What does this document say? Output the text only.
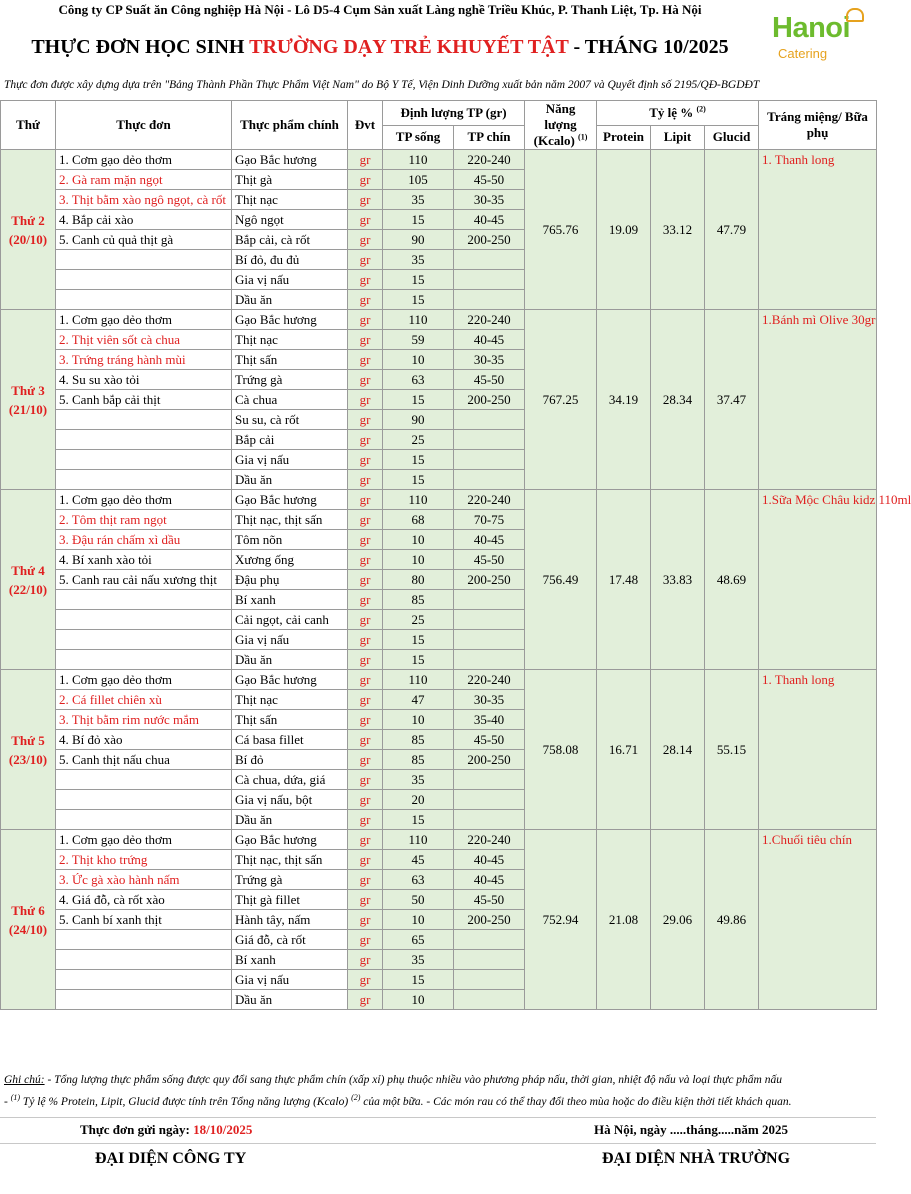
Công ty CP Suất ăn Công nghiệp Hà Nội - Lô D5-4 Cụm Sản xuất Làng nghề Triều Khúc, P. Thanh Liệt, Tp. Hà Nội
THỰC ĐƠN HỌC SINH TRƯỜNG DẠY TRẺ KHUYẾT TẬT - THÁNG 10/2025
Hanoi
Catering
Thực đơn được xây dựng dựa trên "Bảng Thành Phần Thực Phẩm Việt Nam" do Bộ Y Tế, Viện Dinh Dưỡng xuất bản năm 2007 và Quyết định số 2195/QĐ-BGDĐT
Thứ	Thực đơn	Thực phẩm chính	Đvt	Định lượng TP (gr)		Năng lượng (Kcalo) $^{(1)}$	Tỷ lệ % $^{(2)}$			Tráng miệng/ Bữa phụ
				TP sống	TP chín		Protein	Lipit	Glucid	
Thứ 2
(20/10)	1. Cơm gạo dẻo thơm	Gạo Bắc hương	gr	110	220-240	765.76	19.09	33.12	47.79	1. Thanh long
	2. Gà ram mặn ngọt	Thịt gà	gr	105	45-50					
	3. Thịt bằm xào ngô ngọt, cà rốt	Thịt nạc	gr	35	30-35					
	4. Bắp cải xào	Ngô ngọt	gr	15	40-45					
	5. Canh củ quả thịt gà	Bắp cải, cà rốt	gr	90	200-250					
		Bí đỏ, đu đủ	gr	35						
		Gia vị nấu	gr	15						
		Dầu ăn	gr	15						
Thứ 3
(21/10)	1. Cơm gạo dẻo thơm	Gạo Bắc hương	gr	110	220-240	767.25	34.19	28.34	37.47	1.Bánh mì Olive 30gr
	2. Thịt viên sốt cà chua	Thịt nạc	gr	59	40-45					
	3. Trứng tráng hành mùi	Thịt sấn	gr	10	30-35					
	4. Su su xào tỏi	Trứng gà	gr	63	45-50					
	5. Canh bắp cải thịt	Cà chua	gr	15	200-250					
		Su su, cà rốt	gr	90						
		Bắp cải	gr	25						
		Gia vị nấu	gr	15						
		Dầu ăn	gr	15						
Thứ 4
(22/10)	1. Cơm gạo dẻo thơm	Gạo Bắc hương	gr	110	220-240	756.49	17.48	33.83	48.69	1.Sữa Mộc Châu kidz 110ml
	2. Tôm thịt ram ngọt	Thịt nạc, thịt sấn	gr	68	70-75					
	3. Đậu rán chấm xì dầu	Tôm nõn	gr	10	40-45					
	4. Bí xanh xào tỏi	Xương ống	gr	10	45-50					
	5. Canh rau cải nấu xương thịt	Đậu phụ	gr	80	200-250					
		Bí xanh	gr	85						
		Cải ngọt, cải canh	gr	25						
		Gia vị nấu	gr	15						
		Dầu ăn	gr	15						
Thứ 5
(23/10)	1. Cơm gạo dẻo thơm	Gạo Bắc hương	gr	110	220-240	758.08	16.71	28.14	55.15	1. Thanh long
	2. Cá fillet chiên xù	Thịt nạc	gr	47	30-35					
	3. Thịt bằm rim nước mắm	Thịt sấn	gr	10	35-40					
	4. Bí đỏ xào	Cá basa fillet	gr	85	45-50					
	5. Canh thịt nấu chua	Bí đỏ	gr	85	200-250					
		Cà chua, dứa, giá	gr	35						
		Gia vị nấu, bột	gr	20						
		Dầu ăn	gr	15						
Thứ 6
(24/10)	1. Cơm gạo dẻo thơm	Gạo Bắc hương	gr	110	220-240	752.94	21.08	29.06	49.86	1.Chuối tiêu chín
	2. Thịt kho trứng	Thịt nạc, thịt sấn	gr	45	40-45					
	3. Ức gà xào hành nấm	Trứng gà	gr	63	40-45					
	4. Giá đỗ, cà rốt xào	Thịt gà fillet	gr	50	45-50					
	5. Canh bí xanh thịt	Hành tây, nấm	gr	10	200-250					
		Giá đỗ, cà rốt	gr	65						
		Bí xanh	gr	35						
		Gia vị nấu	gr	15						
		Dầu ăn	gr	10						
Ghi chú: - Tổng lượng thực phẩm sống được quy đổi sang thực phẩm chín (xấp xỉ) phụ thuộc nhiều vào phương pháp nấu, thời gian, nhiệt độ nấu và loại thực phẩm nấu
- $^{(1)}$ Tỷ lệ % Protein, Lipit, Glucid được tính trên Tổng năng lượng (Kcalo) $^{(2)}$ của một bữa. - Các món rau có thể thay đổi theo mùa hoặc do điều kiện thời tiết khách quan.
Thực đơn gửi ngày: 18/10/2025	Hà Nội, ngày .....tháng.....năm 2025
ĐẠI DIỆN CÔNG TY	ĐẠI DIỆN NHÀ TRƯỜNG
